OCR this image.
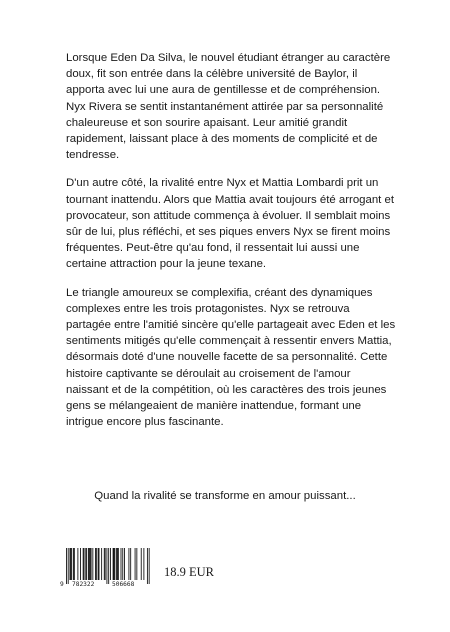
Lorsque Eden Da Silva, le nouvel étudiant étranger au caractère doux, fit son entrée dans la célèbre université de Baylor, il apporta avec lui une aura de gentillesse et de compréhension. Nyx Rivera se sentit instantanément attirée par sa personnalité chaleureuse et son sourire apaisant. Leur amitié grandit rapidement, laissant place à des moments de complicité et de tendresse.

D'un autre côté, la rivalité entre Nyx et Mattia Lombardi prit un tournant inattendu. Alors que Mattia avait toujours été arrogant et provocateur, son attitude commença à évoluer. Il semblait moins sûr de lui, plus réfléchi, et ses piques envers Nyx se firent moins fréquentes. Peut-être qu'au fond, il ressentait lui aussi une certaine attraction pour la jeune texane.

Le triangle amoureux se complexifia, créant des dynamiques complexes entre les trois protagonistes. Nyx se retrouva partagée entre l'amitié sincère qu'elle partageait avec Eden et les sentiments mitigés qu'elle commençait à ressentir envers Mattia, désormais doté d'une nouvelle facette de sa personnalité. Cette histoire captivante se déroulait au croisement de l'amour naissant et de la compétition, où les caractères des trois jeunes gens se mélangeaient de manière inattendue, formant une intrigue encore plus fascinante.

Quand la rivalité se transforme en amour puissant...

9 782322	506668

18.9 EUR
